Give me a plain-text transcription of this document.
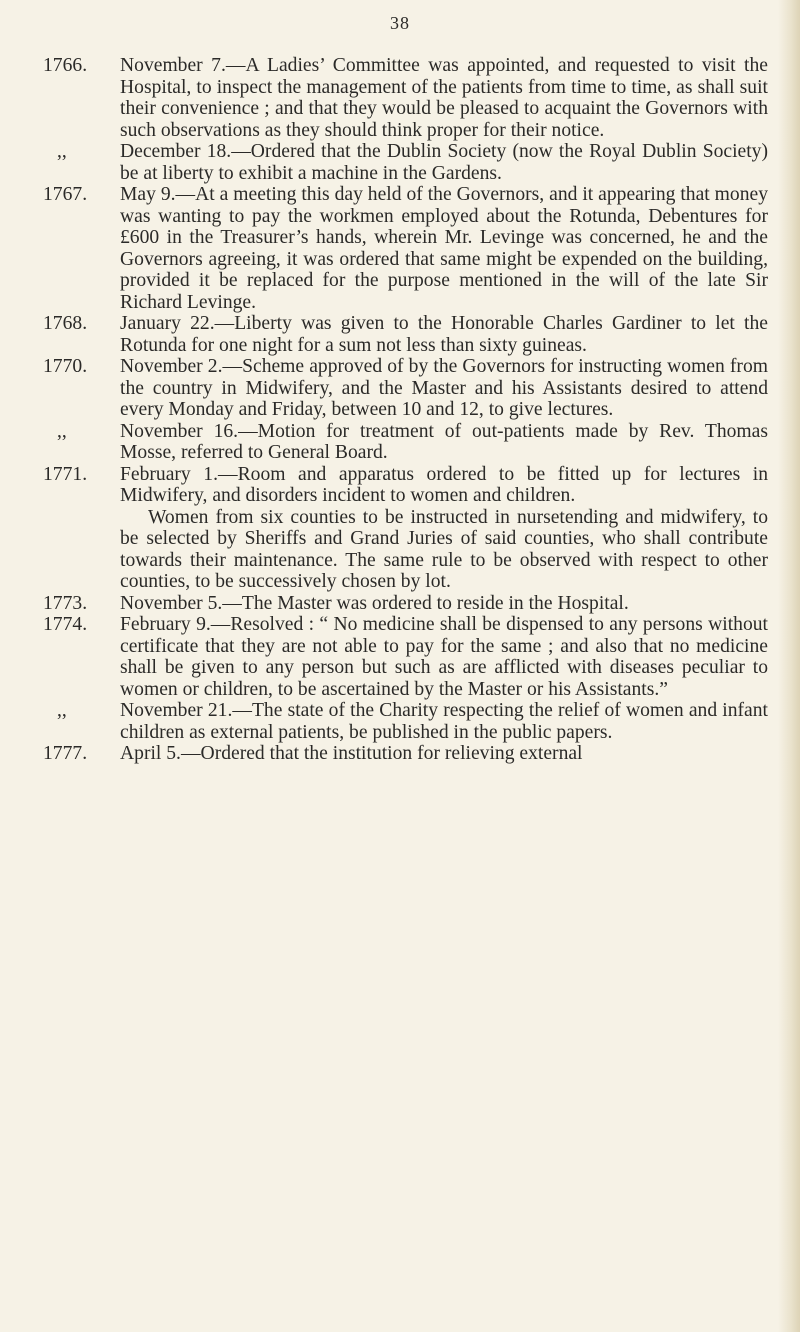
38
1766. November 7.—A Ladies’ Committee was appointed, and requested to visit the Hospital, to inspect the management of the patients from time to time, as shall suit their convenience ; and that they would be pleased to acquaint the Governors with such observations as they should think proper for their notice.

,,	December 18.—Ordered that the Dublin Society (now the Royal Dublin Society) be at liberty to exhibit a machine in the Gardens.

1767. May 9.—At a meeting this day held of the Governors, and it appearing that money was wanting to pay the workmen employed about the Rotunda, Debentures for £600 in the Treasurer’s hands, wherein Mr. Levinge was concerned, he and the Governors agreeing, it was ordered that same might be expended on the building, provided it be replaced for the purpose mentioned in the will of the late Sir Richard Levinge.

1768. January 22.—Liberty was given to the Honorable Charles Gardiner to let the Rotunda for one night for a sum not less than sixty guineas.

1770. November 2.—Scheme approved of by the Governors for instructing women from the country in Midwifery, and the Master and his Assistants desired to attend every Monday and Friday, between 10 and 12, to give lectures.

,,	November 16.—Motion for treatment of out-patients made by Rev. Thomas Mosse, referred to General Board.

1771. February 1.—Room and apparatus ordered to be fitted up for lectures in Midwifery, and disorders incident to women and children.

Women from six counties to be instructed in nursetending and midwifery, to be selected by Sheriffs and Grand Juries of said counties, who shall contribute towards their maintenance. The same rule to be observed with respect to other counties, to be successively chosen by lot.

1773. November 5.—The Master was ordered to reside in the Hospital.

1774. February 9.—Resolved : “ No medicine shall be dispensed to any persons without certificate that they are not able to pay for the same ; and also that no medicine shall be given to any person but such as are afflicted with diseases peculiar to women or children, to be ascertained by the Master or his Assistants.”

,,	November 21.—The state of the Charity respecting the relief of women and infant children as external patients, be published in the public papers.

1777. April 5.—Ordered that the institution for relieving external
